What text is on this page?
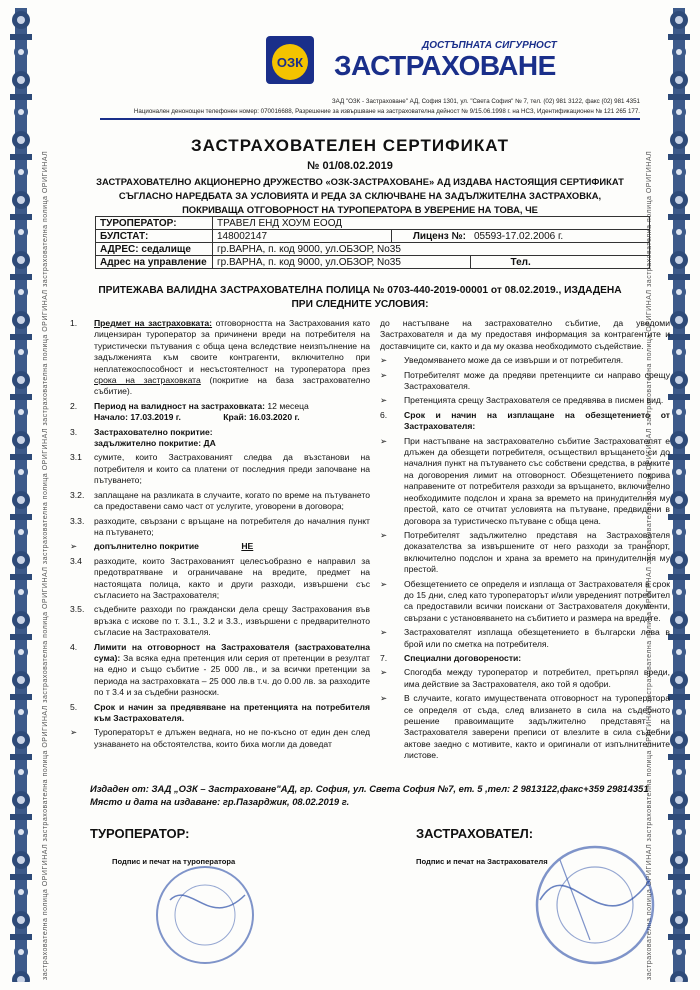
застрахователна полица ОРИГИНАЛ застрахователна полица ОРИГИНАЛ застрахователна полица ОРИГИНАЛ застрахователна полица ОРИГИНАЛ застрахователна полица ОРИГИНАЛ застрахователна полица ОРИГИНАЛ	застрахователна полица ОРИГИНАЛ застрахователна полица ОРИГИНАЛ застрахователна полица ОРИГИНАЛ застрахователна полица ОРИГИНАЛ застрахователна полица ОРИГИНАЛ застрахователна полица ОРИГИНАЛ
ОЗК
ДОСТЪПНАТА СИГУРНОСТ
ЗАСТРАХОВАНЕ
ЗАД "ОЗК - Застраховане" АД, София 1301, ул. "Света София" № 7, тел. (02) 981 3122, факс (02) 981 4351
Национален денонощен телефонен номер: 070016688, Разрешение за извършване на застрахователна дейност № 9/15.06.1998 г. на НСЗ, Идентификационен № 121 265 177.
ЗАСТРАХОВАТЕЛЕН СЕРТИФИКАТ
№ 01/08.02.2019
ЗАСТРАХОВАТЕЛНО АКЦИОНЕРНО ДРУЖЕСТВО «ОЗК-ЗАСТРАХОВАНЕ» АД ИЗДАВА НАСТОЯЩИЯ СЕРТИФИКАТ СЪГЛАСНО НАРЕДБАТА ЗА УСЛОВИЯТА И РЕДА ЗА СКЛЮЧВАНЕ НА ЗАДЪЛЖИТЕЛНА ЗАСТРАХОВКА, ПОКРИВАЩА ОТГОВОРНОСТ НА ТУРОПЕРАТОРА В УВЕРЕНИЕ НА ТОВА, ЧЕ
ТУРОПЕРАТОР:	ТРАВЕЛ ЕНД ХОУМ ЕООД		
БУЛСТАТ:	148002147	Лиценз №:	05593-17.02.2006 г.
АДРЕС: седалище	гр.ВАРНА, п. код 9000, ул.ОБЗОР, No35		
Адрес на управление	гр.ВАРНА, п. код 9000, ул.ОБЗОР, No35		Тел.
ПРИТЕЖАВА ВАЛИДНА ЗАСТРАХОВАТЕЛНА ПОЛИЦА № 0703-440-2019-00001 от 08.02.2019., ИЗДАДЕНА ПРИ СЛЕДНИТЕ УСЛОВИЯ:
1. Предмет на застраховката: отговорността на Застрахования като лицензиран туроператор за причинени вреди на потребителя на туристически пътувания с обща цена вследствие неизпълнение на задълженията към своите контрагенти, включително при неплатежоспособност и несъстоятелност на туроператора през срока на застраховката (покритие на база застрахователно събитие).
2. Период на валидност на застраховката: 12 месеца
Начало: 17.03.2019 г.	Край: 16.03.2020 г.
3. Застрахователно покритие:
задължително покритие: ДА
3.1 сумите, които Застрахованият следва да възстанови на потребителя и които са платени от последния преди започване на пътуването;
3.2. заплащане на разликата в случаите, когато по време на пътуването са предоставени само част от услугите, уговорени в договора;
3.3. разходите, свързани с връщане на потребителя до началния пункт на пътуването;
➢ допълнително покритие	НЕ
3.4 разходите, които Застрахованият целесъобразно е направил за предотвратяване и ограничаване на вредите, предмет на настоящата полица, както и други разходи, извършени със съгласието на Застрахователя;
3.5. съдебните разходи по граждански дела срещу Застрахования във връзка с искове по т. 3.1., 3.2 и 3.3., извършени с предварителното съгласие на Застрахователя.
4. Лимити на отговорност на Застрахователя (застрахователна сума): За всяка една претенция или серия от претенции в резултат на едно и също събитие - 25 000 лв., и за всички претенции за периода на застраховката – 25 000 лв.в т.ч. до 0.00 лв. за разходите по т 3.4 и за съдебни разноски.
5. Срок и начин за предявяване на претенцията на потребителя към Застрахователя.
➢ Туроператорът е длъжен веднага, но не по-късно от един ден след узнаването на обстоятелства, които биха могли да доведат
до настъпване на застрахователно събитие, да уведоми Застрахователя и да му предоставя информация за контрагентите и доставчиците си, както и да му оказва необходимото съдействие.
➢ Уведомяването може да се извърши и от потребителя.
➢ Потребителят може да предяви претенциите си направо срещу Застрахователя.
➢ Претенцията срещу Застрахователя се предявява в писмен вид.
6. Срок и начин на изплащане на обезщетението от Застрахователя:
➢ При настъпване на застрахователно събитие Застрахователят е длъжен да обезщети потребителя, осъществил връщането си до началния пункт на пътуването със собствени средства, в рамките на договорения лимит на отговорност. Обезщетението покрива направените от потребителя разходи за връщането, включително необходимите подслон и храна за времето на принудителния му престой, като се отчитат условията на пътуване, предвидени в договора за туристическо пътуване с обща цена.
➢ Потребителят задължително представя на Застрахователя доказателства за извършените от него разходи за транспорт, включително подслон и храна за времето на принудителния му престой.
➢ Обезщетението се определя и изплаща от Застрахователя в срок до 15 дни, след като туроператорът и/или увреденият потребител са предоставили всички поискани от Застрахователя документи, свързани с установяването на събитието и размера на вредите.
➢ Застрахователят изплаща обезщетението в български лева в брой или по сметка на потребителя.
7. Специални договорености:
➢ Спогодба между туроператор и потребител, претърпял вреди, има действие за Застрахователя, ако той я одобри.
➢ В случаите, когато имуществената отговорност на туроператора се определя от съда, след влизането в сила на съдебното решение правоимащите задължително представят на Застрахователя заверени преписи от влезлите в сила съдебни актове заедно с мотивите, както и оригинали от изпълнителните листове.
Издаден от: ЗАД „ОЗК – Застраховане"АД, гр. София, ул. Света София №7, ет. 5 ,тел: 2 9813122,факс+359 29814351 Място и дата на издаване: гр.Пазарджик, 08.02.2019 г.
ТУРОПЕРАТОР:
Подпис и печат на туроператора
ЗАСТРАХОВАТЕЛ:
Подпис и печат на Застрахователя
